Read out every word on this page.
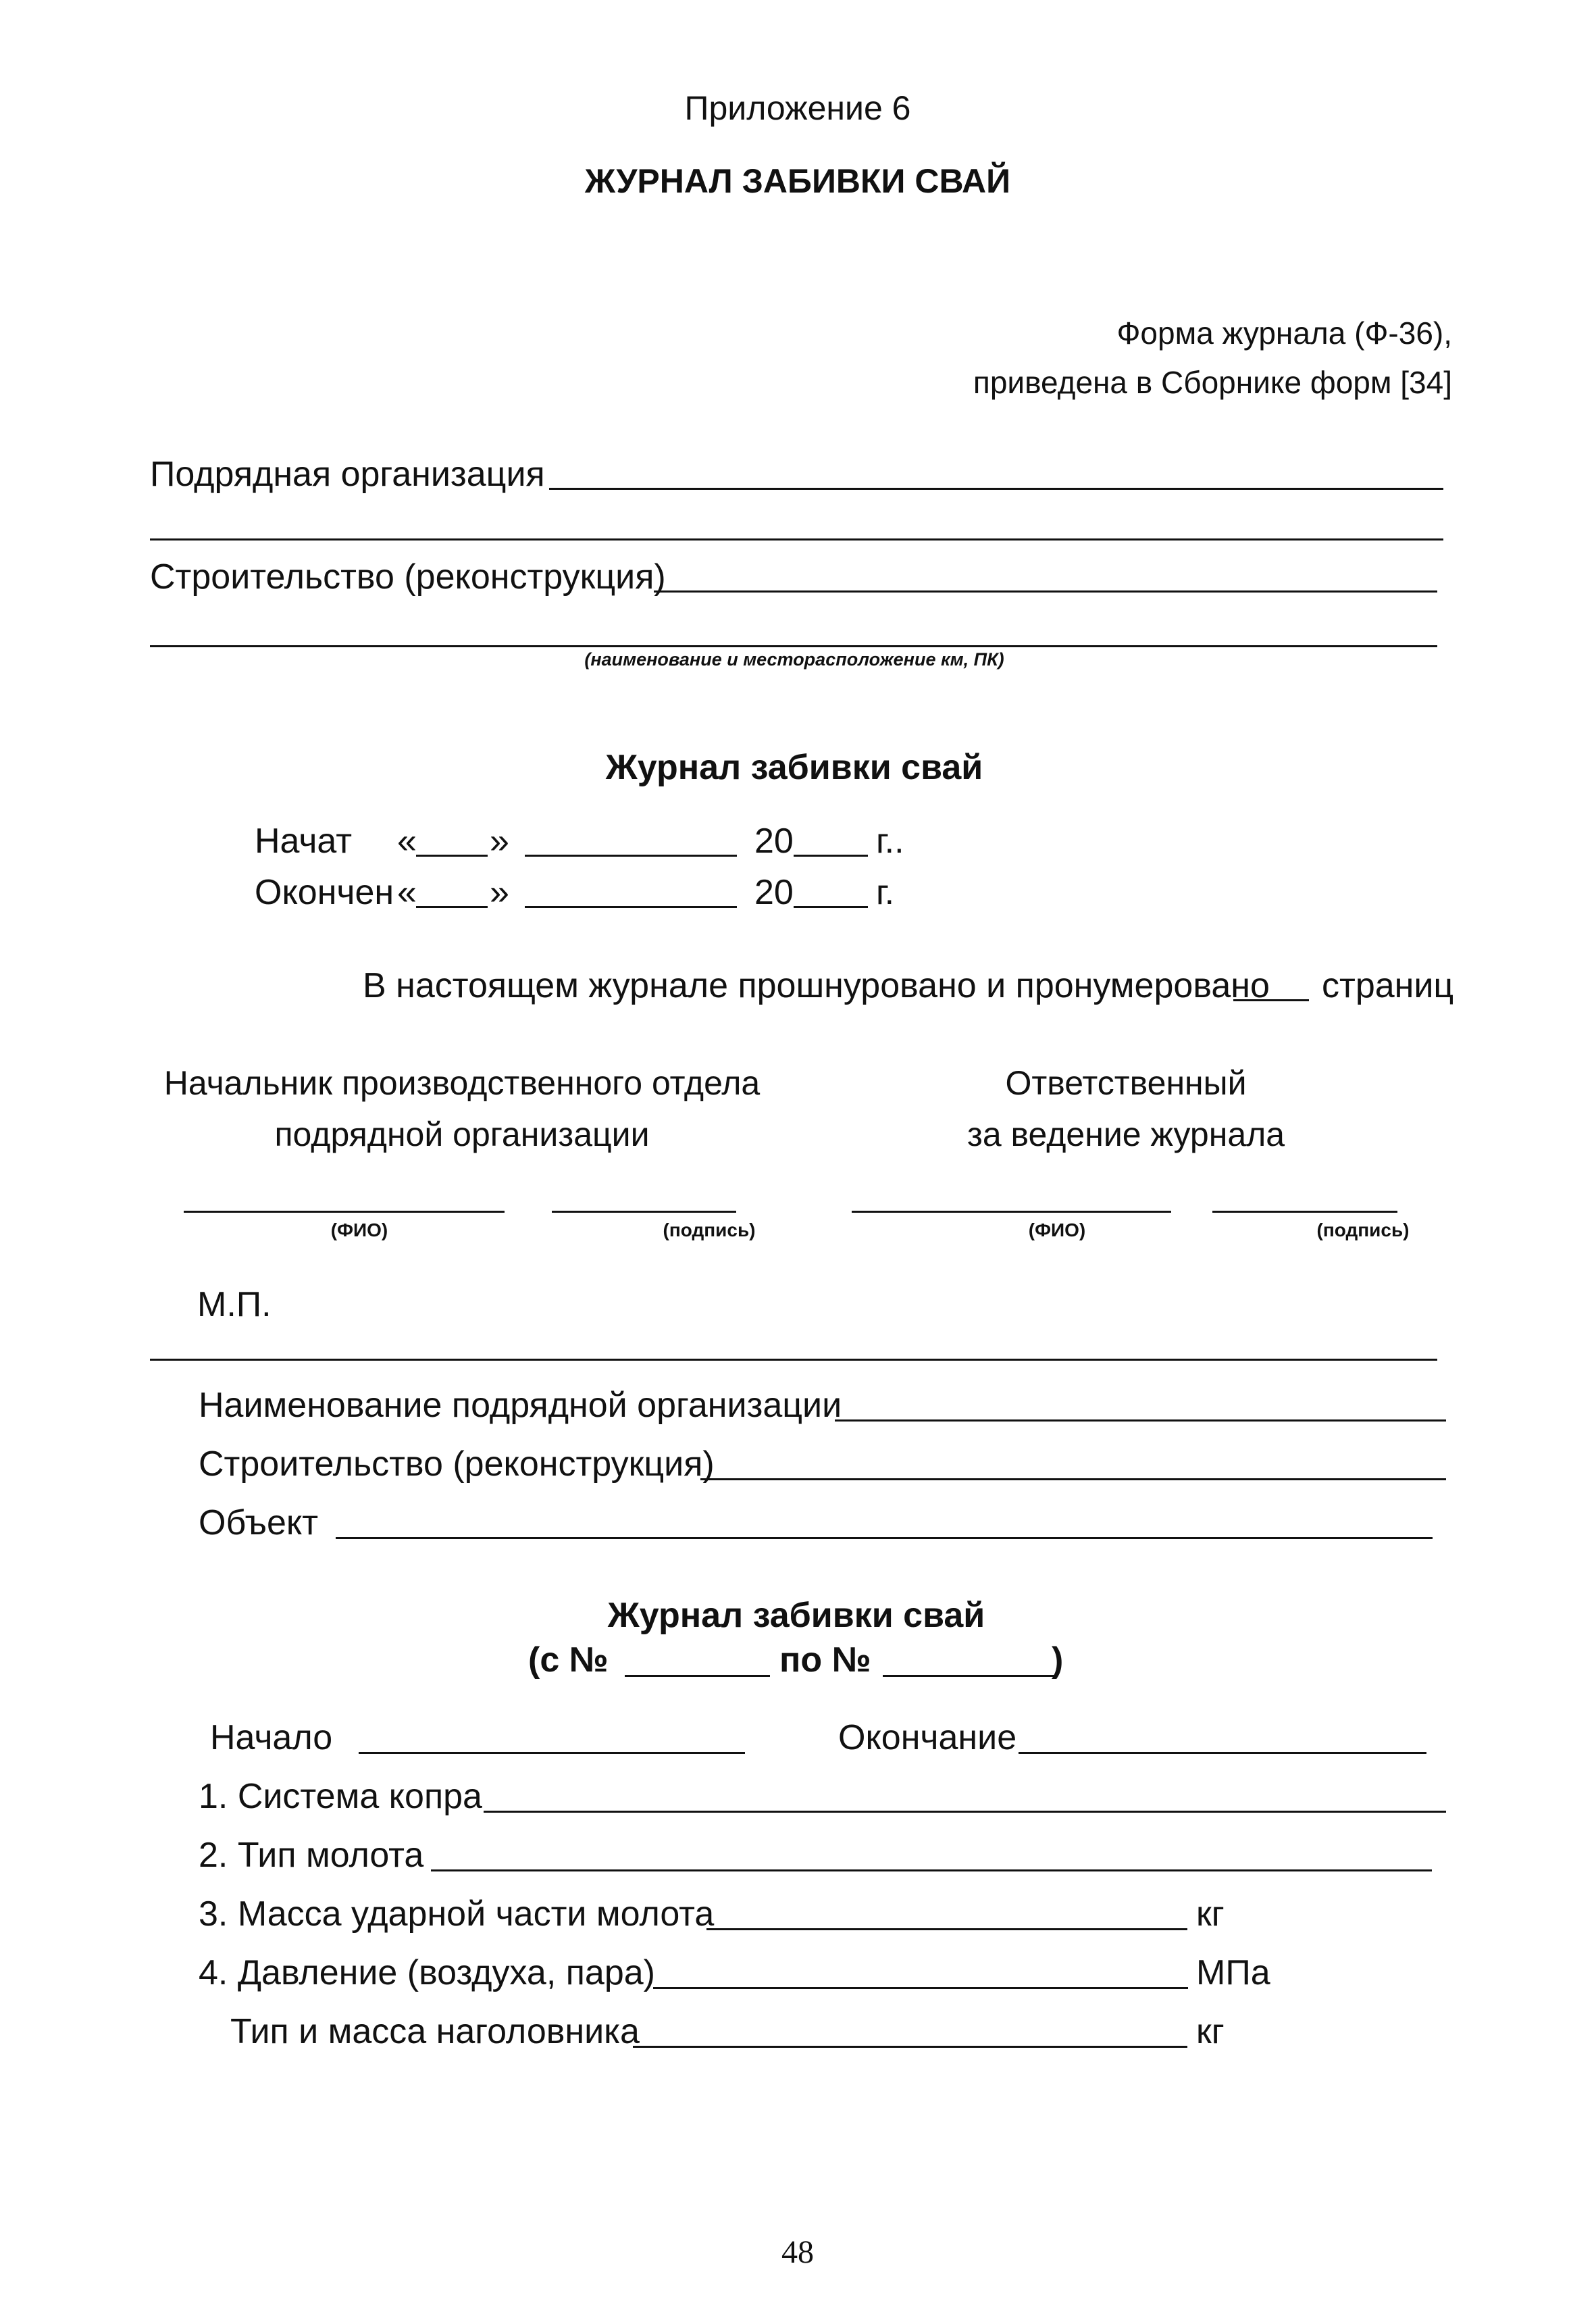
Приложение 6
ЖУРНАЛ ЗАБИВКИ СВАЙ
Форма журнала (Ф-36),
приведена в Сборнике форм [34]
Подрядная организация
Строительство (реконструкция)
(наименование и месторасположение км, ПК)
Журнал забивки свай
Начат « »	20 г..
Окончен « »	20 г.
В настоящем журнале прошнуровано и пронумеровано страниц
Начальник производственного отдела
подрядной организации
Ответственный
за ведение журнала
(ФИО)	(подпись)	(ФИО)	(подпись)
М.П.
Наименование подрядной организации
Строительство (реконструкция)
Объект
Журнал забивки свай
(с №	по №	)
Начало	Окончание
1. Система копра
2. Тип молота
3. Масса ударной части молота	кг
4. Давление (воздуха, пара)	МПа
Тип и масса наголовника	кг
48
